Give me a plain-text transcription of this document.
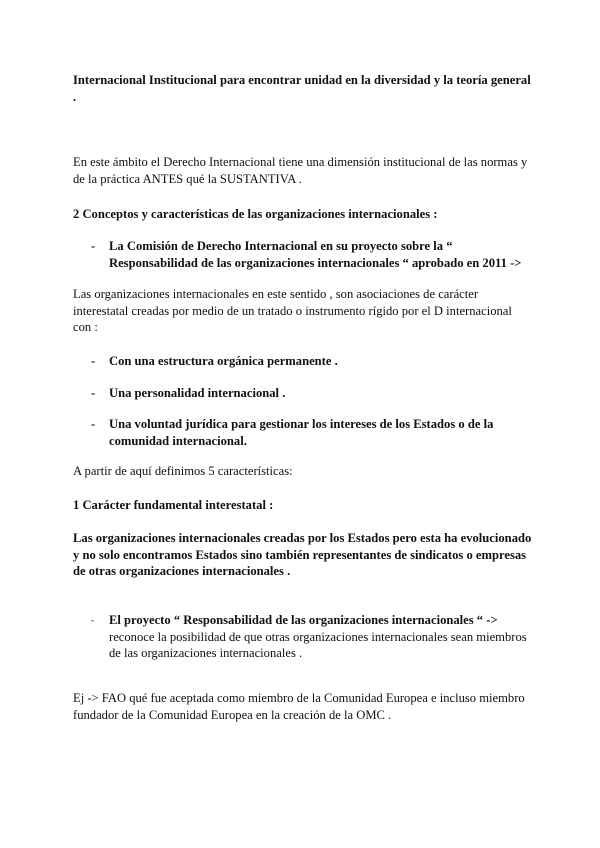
Internacional Institucional para encontrar unidad en la diversidad y la teoría general .

En este ámbito el Derecho Internacional tiene una dimensión institucional de las normas y de la práctica ANTES qué la SUSTANTIVA .

2 Conceptos y características de las organizaciones internacionales :

- La Comisión de Derecho Internacional en su proyecto sobre la “ Responsabilidad de las organizaciones internacionales “ aprobado en 2011 ->

Las organizaciones internacionales en este sentido , son asociaciones de carácter interestatal creadas por medio de un tratado o instrumento rígido por el D internacional con :

- Con una estructura orgánica permanente .
- Una personalidad internacional .
- Una voluntad jurídica para gestionar los intereses de los Estados o de la comunidad internacional.

A partir de aquí definimos 5 características:

1 Carácter fundamental interestatal :

Las organizaciones internacionales creadas por los Estados pero esta ha evolucionado y no solo encontramos Estados sino también representantes de sindicatos o empresas de otras organizaciones internacionales .

- El proyecto “ Responsabilidad de las organizaciones internacionales “ -> reconoce la posibilidad de que otras organizaciones internacionales sean miembros de las organizaciones internacionales .

Ej -> FAO qué fue aceptada como miembro de la Comunidad Europea e incluso miembro fundador de la Comunidad Europea en la creación de la OMC .
